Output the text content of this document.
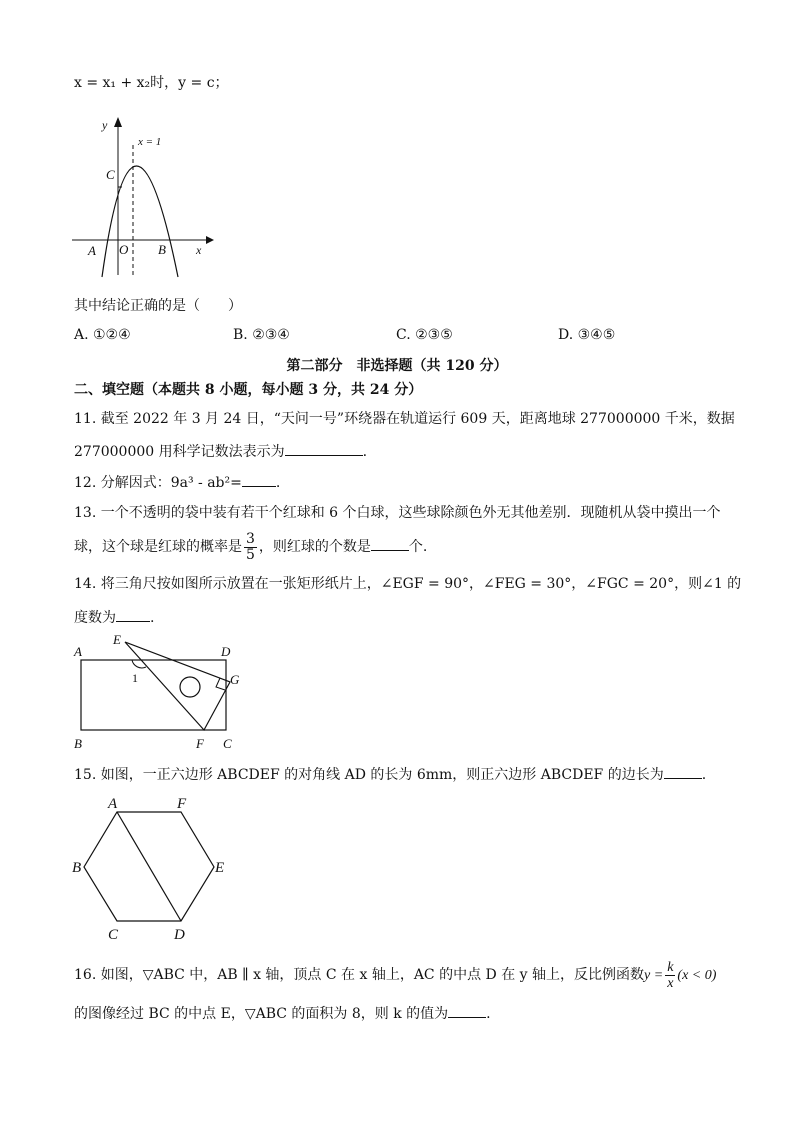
x = x₁ + x₂时，y = c；
y
x
x = 1
C
A O B
其中结论正确的是（　　）
A. ①②④	B. ②③④	C. ②③⑤	D. ③④⑤
第二部分　非选择题（共 120 分）
二、填空题（本题共 8 小题，每小题 3 分，共 24 分）
11. 截至 2022 年 3 月 24 日，“天问一号”环绕器在轨道运行 609 天，距离地球 277000000 千米，数据
277000000 用科学记数法表示为	.
12. 分解因式：9a³ - ab²= .
13. 一个不透明的袋中装有若干个红球和 6 个白球，这些球除颜色外无其他差别．现随机从袋中摸出一个
球，这个球是红球的概率是 $\frac{3}{5}$ ，则红球的个数是	个.
14. 将三角尺按如图所示放置在一张矩形纸片上，∠EGF = 90°，∠FEG = 30°，∠FGC = 20°，则∠1 的
度数为 .
A
B	C
D
E
F
G
1
15. 如图，一正六边形 ABCDEF 的对角线 AD 的长为 6mm，则正六边形 ABCDEF 的边长为	.
A
B
C	D
E
F
16. 如图，▽ABC 中，AB ∥ x 轴，顶点 C 在 x 轴上，AC 的中点 D 在 y 轴上，反比例函数$y = \frac{k}{x} (x < 0)$
的图像经过 BC 的中点 E，▽ABC 的面积为 8，则 k 的值为	.
